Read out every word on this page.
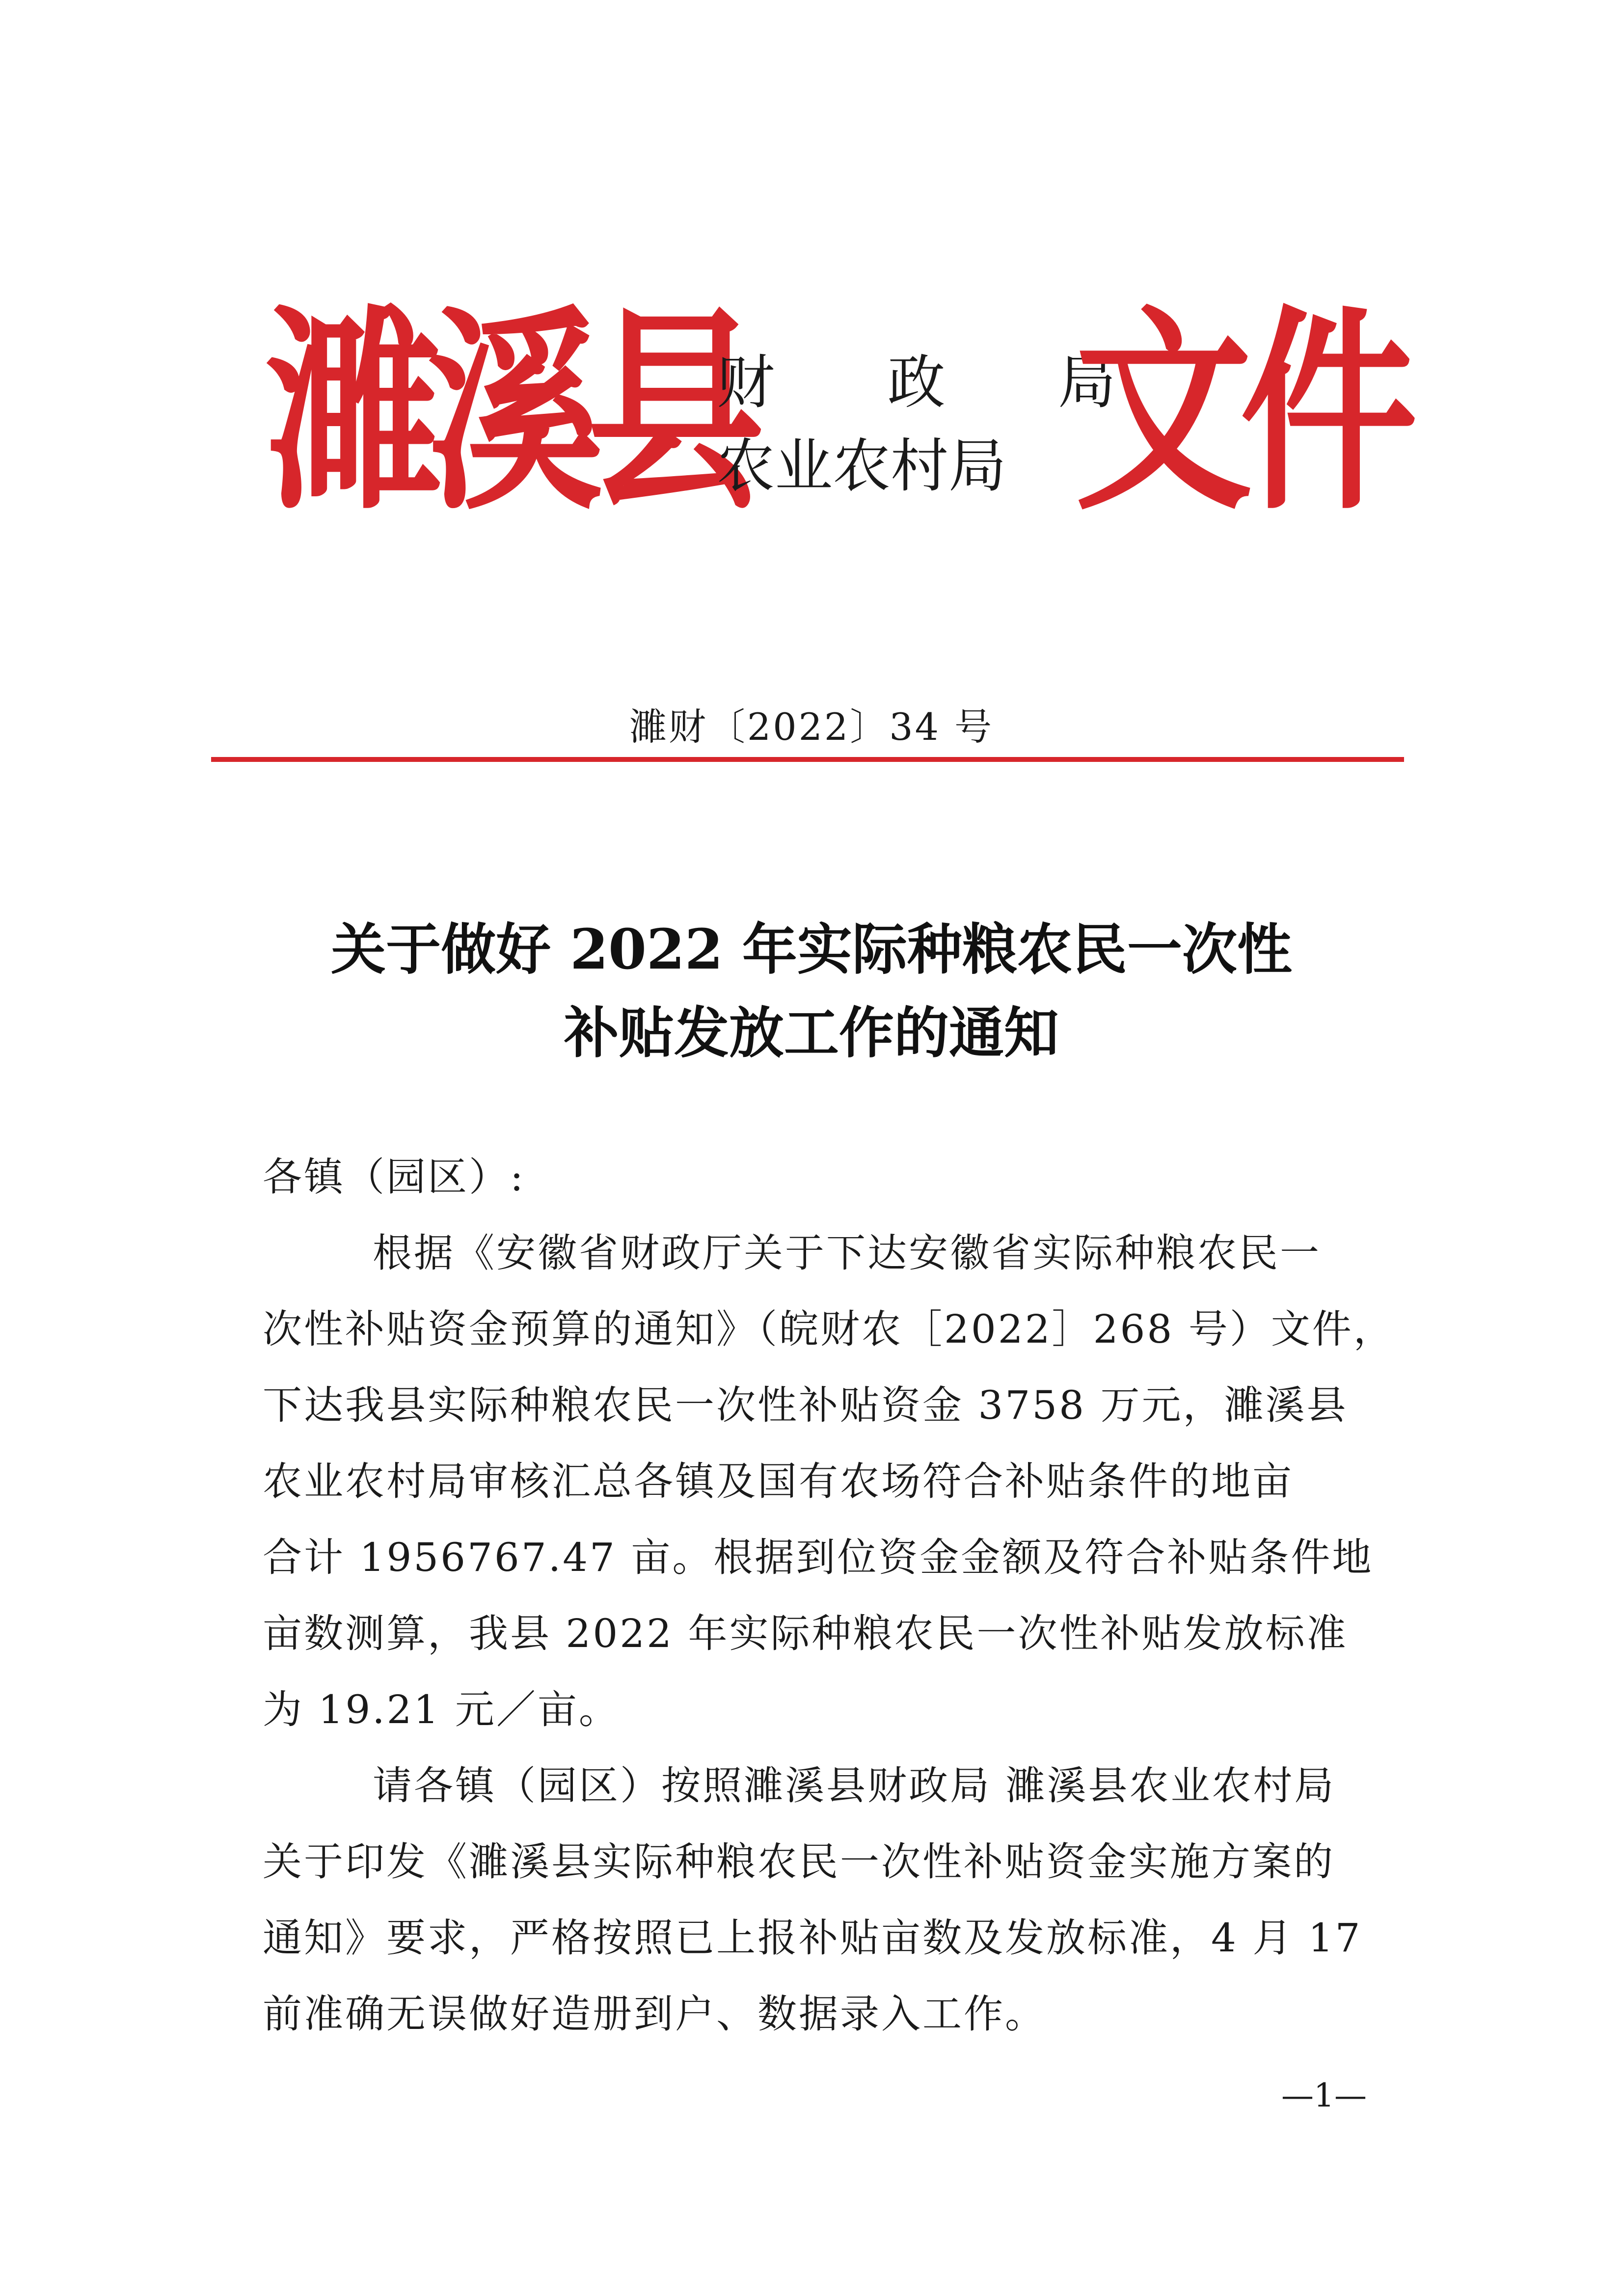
濉溪县
财 政 局
农业农村局 文件
濉财〔2022〕34 号
关于做好 2022 年实际种粮农民一次性
补贴发放工作的通知
各镇（园区）:
根据《安徽省财政厅关于下达安徽省实际种粮农民一
次性补贴资金预算的通知》（皖财农［2022］268 号）文件，
下达我县实际种粮农民一次性补贴资金 3758 万元，濉溪县
农业农村局审核汇总各镇及国有农场符合补贴条件的地亩
合计 1956767.47 亩。根据到位资金金额及符合补贴条件地
亩数测算，我县 2022 年实际种粮农民一次性补贴发放标准
为 19.21 元／亩。
请各镇（园区）按照濉溪县财政局 濉溪县农业农村局
关于印发《濉溪县实际种粮农民一次性补贴资金实施方案的
通知》要求，严格按照已上报补贴亩数及发放标准，4 月 17
前准确无误做好造册到户、数据录入工作。
—1—
